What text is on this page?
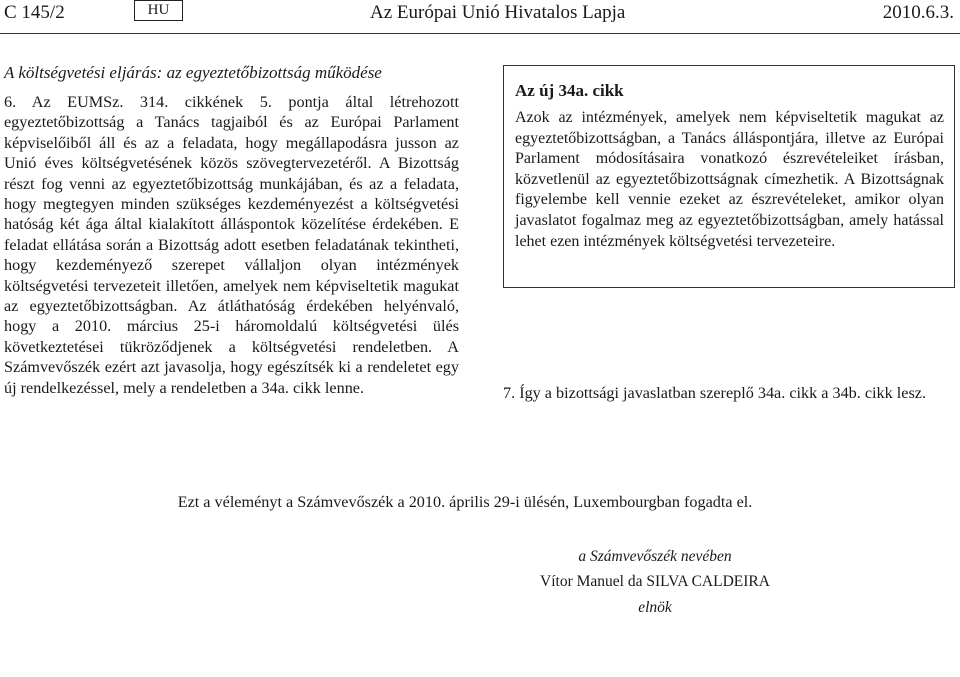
C 145/2	HU	Az Európai Unió Hivatalos Lapja	2010.6.3.

A költségvetési eljárás: az egyeztetőbizottság működése

6. Az EUMSz. 314. cikkének 5. pontja által létrehozott egyeztetőbizottság a Tanács tagjaiból és az Európai Parlament képviselőiből áll és az a feladata, hogy megállapodásra jusson az Unió éves költségvetésének közös szövegtervezetéről. A Bizottság részt fog venni az egyeztetőbizottság munkájában, és az a feladata, hogy megtegyen minden szükséges kezdeményezést a költségvetési hatóság két ága által kialakított álláspontok közelítése érdekében. E feladat ellátása során a Bizottság adott esetben feladatának tekintheti, hogy kezdeményező szerepet vállaljon olyan intézmények költségvetési tervezeteit illetően, amelyek nem képviseltetik magukat az egyeztetőbizottságban. Az átláthatóság érdekében helyénvaló, hogy a 2010. március 25-i háromoldalú költségvetési ülés következtetései tükröződjenek a költségvetési rendeletben. A Számvevőszék ezért azt javasolja, hogy egészítsék ki a rendeletet egy új rendelkezéssel, mely a rendeletben a 34a. cikk lenne.

Az új 34a. cikk

Azok az intézmények, amelyek nem képviseltetik magukat az egyeztetőbizottságban, a Tanács álláspontjára, illetve az Európai Parlament módosításaira vonatkozó észrevételeiket írásban, közvetlenül az egyeztetőbizottságnak címezhetik. A Bizottságnak figyelembe kell vennie ezeket az észrevételeket, amikor olyan javaslatot fogalmaz meg az egyeztetőbizottságban, amely hatással lehet ezen intézmények költségvetési tervezeteire.

7. Így a bizottsági javaslatban szereplő 34a. cikk a 34b. cikk lesz.

Ezt a véleményt a Számvevőszék a 2010. április 29-i ülésén, Luxembourgban fogadta el.
a Számvevőszék nevében
Vítor Manuel da SILVA CALDEIRA
elnök
